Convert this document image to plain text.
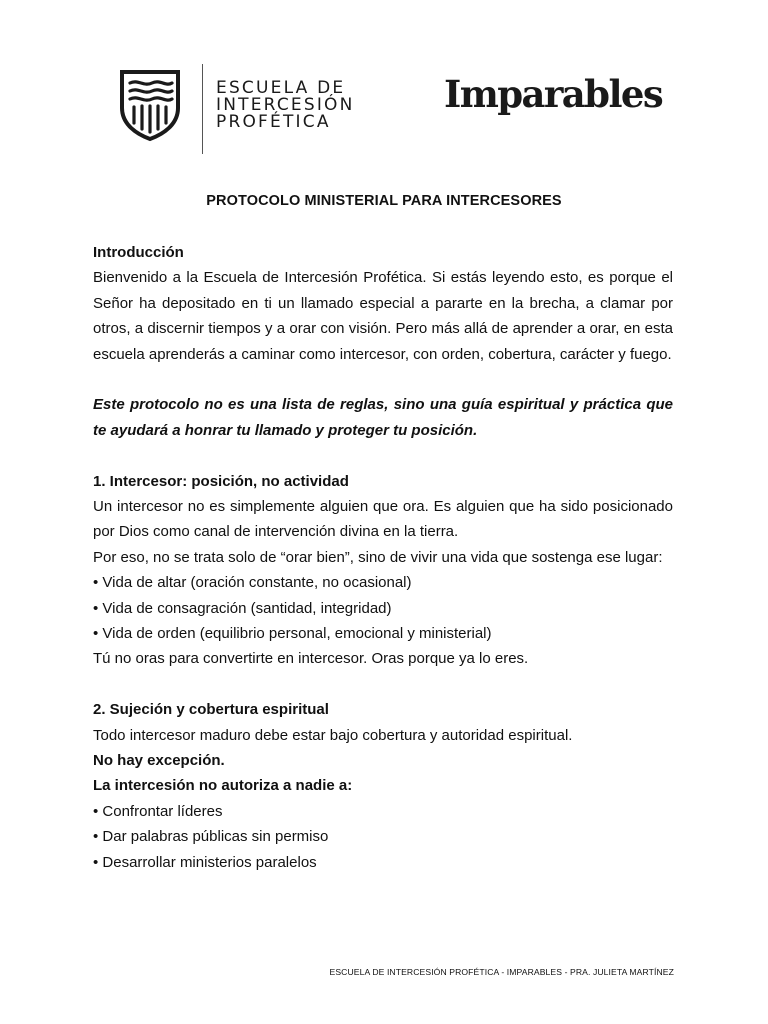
ESCUELA DE
INTERCESIÓN
PROFÉTICA
Imparables
PROTOCOLO MINISTERIAL PARA INTERCESORES

Introducción

Bienvenido a la Escuela de Intercesión Profética. Si estás leyendo esto, es porque el Señor ha depositado en ti un llamado especial a pararte en la brecha, a clamar por otros, a discernir tiempos y a orar con visión. Pero más allá de aprender a orar, en esta escuela aprenderás a caminar como intercesor, con orden, cobertura, carácter y fuego.

Este protocolo no es una lista de reglas, sino una guía espiritual y práctica que te ayudará a honrar tu llamado y proteger tu posición.

1. Intercesor: posición, no actividad

Un intercesor no es simplemente alguien que ora. Es alguien que ha sido posicionado por Dios como canal de intervención divina en la tierra.

Por eso, no se trata solo de “orar bien”, sino de vivir una vida que sostenga ese lugar:

• Vida de altar (oración constante, no ocasional)

• Vida de consagración (santidad, integridad)

• Vida de orden (equilibrio personal, emocional y ministerial)

Tú no oras para convertirte en intercesor. Oras porque ya lo eres.

2. Sujeción y cobertura espiritual

Todo intercesor maduro debe estar bajo cobertura y autoridad espiritual.

No hay excepción.

La intercesión no autoriza a nadie a:

• Confrontar líderes

• Dar palabras públicas sin permiso

• Desarrollar ministerios paralelos

ESCUELA DE INTERCESIÓN PROFÉTICA - IMPARABLES - PRA. JULIETA MARTÍNEZ
